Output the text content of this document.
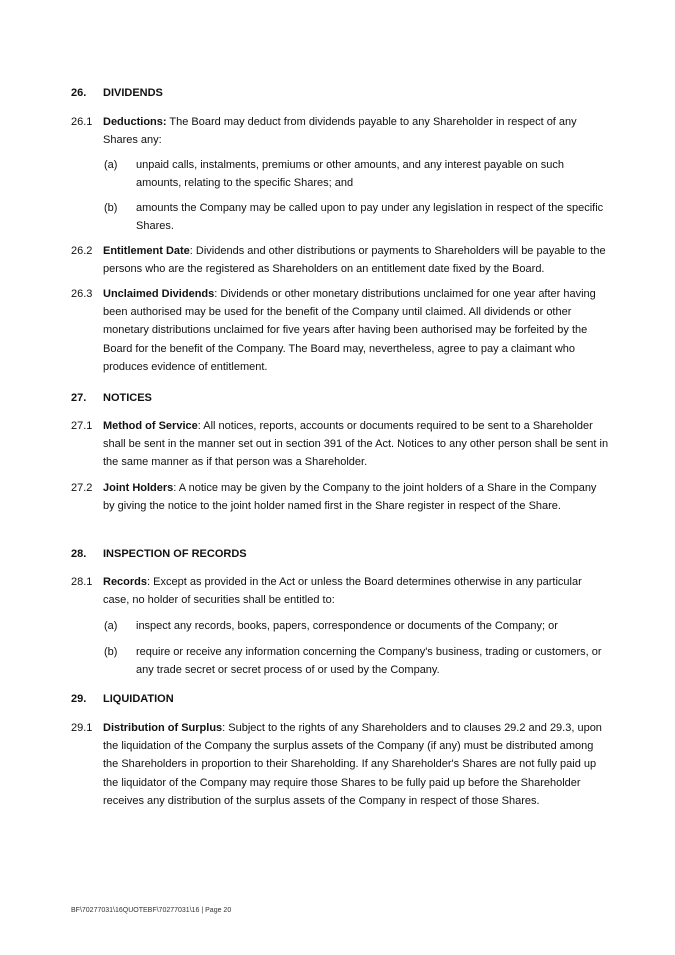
26. DIVIDENDS
26.1 Deductions: The Board may deduct from dividends payable to any Shareholder in respect of any Shares any:
(a) unpaid calls, instalments, premiums or other amounts, and any interest payable on such amounts, relating to the specific Shares; and
(b) amounts the Company may be called upon to pay under any legislation in respect of the specific Shares.
26.2 Entitlement Date: Dividends and other distributions or payments to Shareholders will be payable to the persons who are the registered as Shareholders on an entitlement date fixed by the Board.
26.3 Unclaimed Dividends: Dividends or other monetary distributions unclaimed for one year after having been authorised may be used for the benefit of the Company until claimed. All dividends or other monetary distributions unclaimed for five years after having been authorised may be forfeited by the Board for the benefit of the Company. The Board may, nevertheless, agree to pay a claimant who produces evidence of entitlement.
27. NOTICES
27.1 Method of Service: All notices, reports, accounts or documents required to be sent to a Shareholder shall be sent in the manner set out in section 391 of the Act. Notices to any other person shall be sent in the same manner as if that person was a Shareholder.
27.2 Joint Holders: A notice may be given by the Company to the joint holders of a Share in the Company by giving the notice to the joint holder named first in the Share register in respect of the Share.
28. INSPECTION OF RECORDS
28.1 Records: Except as provided in the Act or unless the Board determines otherwise in any particular case, no holder of securities shall be entitled to:
(a) inspect any records, books, papers, correspondence or documents of the Company; or
(b) require or receive any information concerning the Company's business, trading or customers, or any trade secret or secret process of or used by the Company.
29. LIQUIDATION
29.1 Distribution of Surplus: Subject to the rights of any Shareholders and to clauses 29.2 and 29.3, upon the liquidation of the Company the surplus assets of the Company (if any) must be distributed among the Shareholders in proportion to their Shareholding. If any Shareholder's Shares are not fully paid up the liquidator of the Company may require those Shares to be fully paid up before the Shareholder receives any distribution of the surplus assets of the Company in respect of those Shares.
BF\70277031\16QUOTEBF\70277031\16 | Page 20
